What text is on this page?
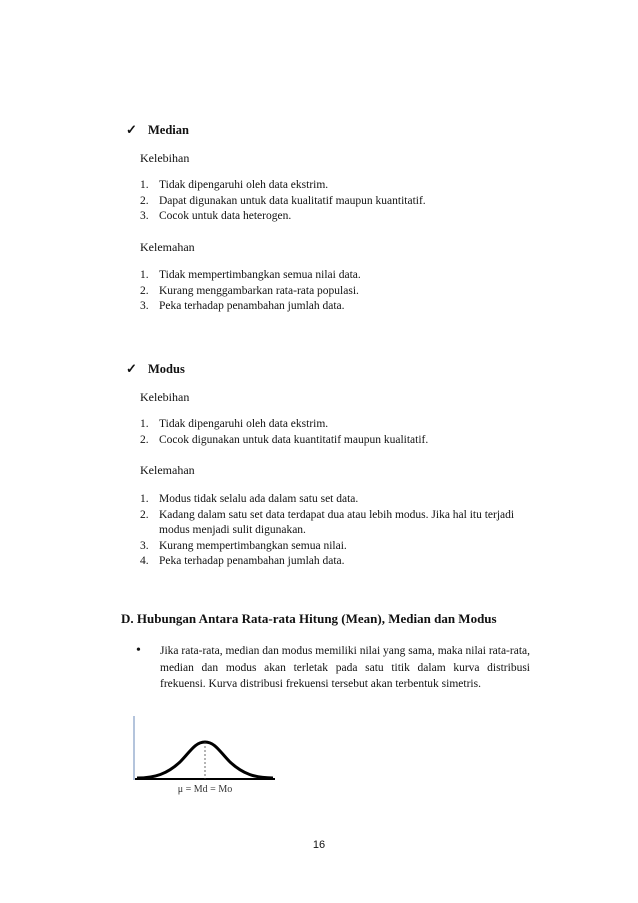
✓ Median
Kelebihan
1. Tidak dipengaruhi oleh data ekstrim.
2. Dapat digunakan untuk data kualitatif maupun kuantitatif.
3. Cocok untuk data heterogen.
Kelemahan
1. Tidak mempertimbangkan semua nilai data.
2. Kurang menggambarkan rata-rata populasi.
3. Peka terhadap penambahan jumlah data.
✓ Modus
Kelebihan
1. Tidak dipengaruhi oleh data ekstrim.
2. Cocok digunakan untuk data kuantitatif maupun kualitatif.
Kelemahan
1. Modus tidak selalu ada dalam satu set data.
2. Kadang dalam satu set data terdapat dua atau lebih modus. Jika hal itu terjadi modus menjadi sulit digunakan.
3. Kurang mempertimbangkan semua nilai.
4. Peka terhadap penambahan jumlah data.
D. Hubungan Antara Rata-rata Hitung (Mean), Median dan Modus
•	Jika rata-rata, median dan modus memiliki nilai yang sama, maka nilai rata-rata, median dan modus akan terletak pada satu titik dalam kurva distribusi frekuensi. Kurva distribusi frekuensi tersebut akan terbentuk simetris.
μ = Md = Mo
16
